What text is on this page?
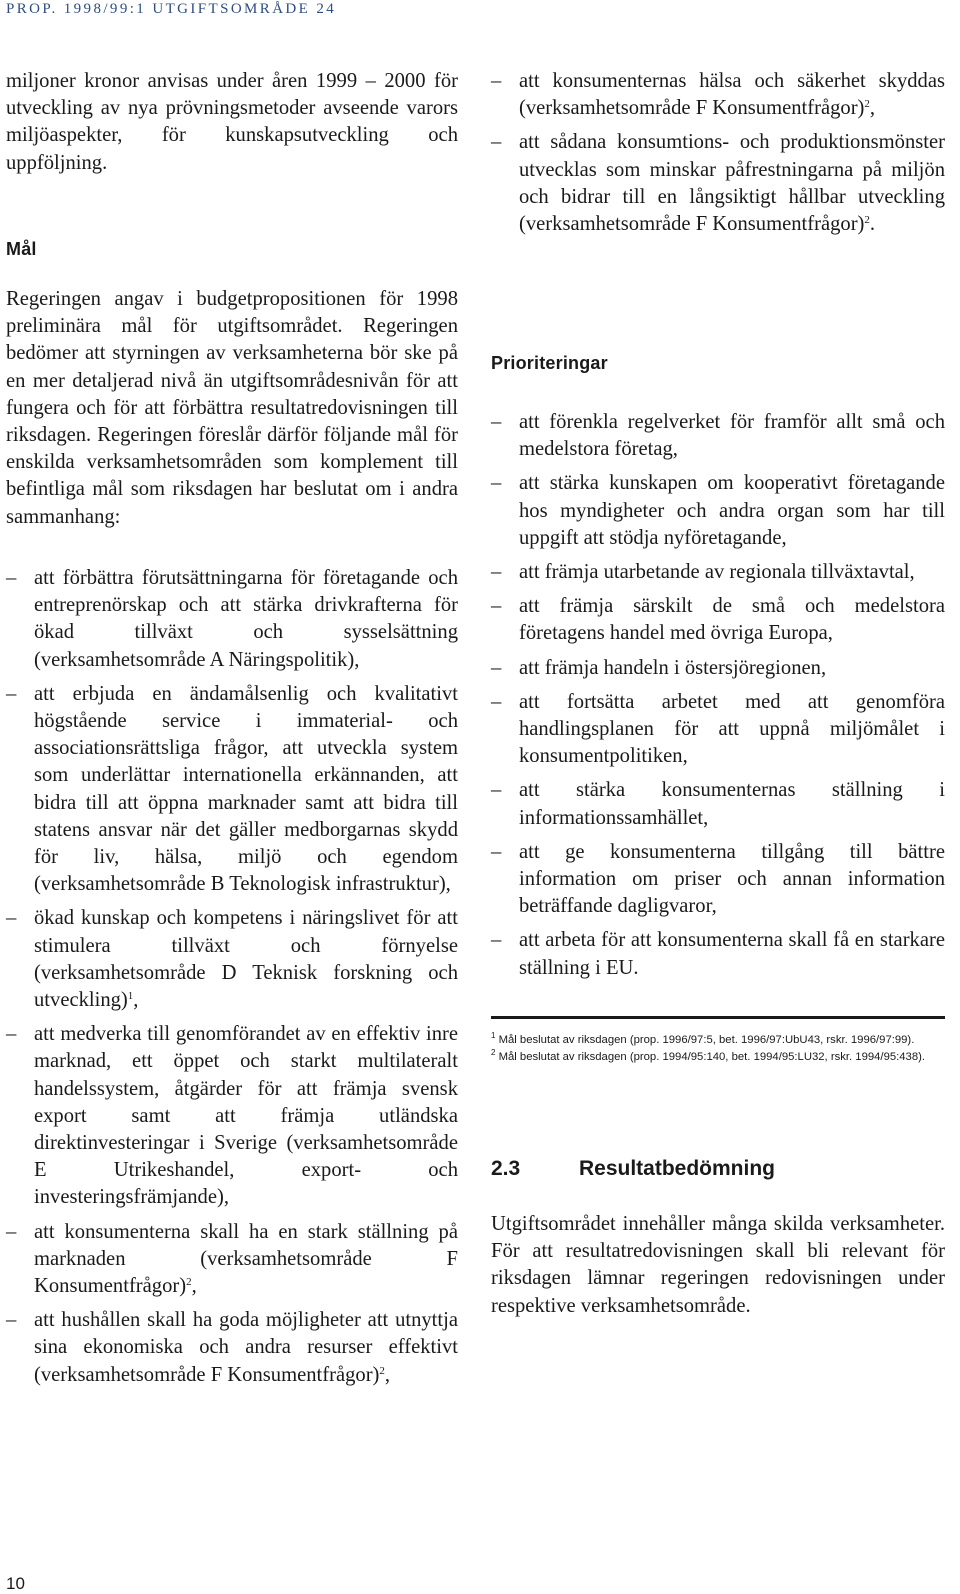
PROP. 1998/99:1 UTGIFTSOMRÅDE 24

miljoner kronor anvisas under åren 1999 – 2000 för utveckling av nya prövningsmetoder avseende varors miljöaspekter, för kunskapsutveckling och uppföljning.

Mål

Regeringen angav i budgetpropositionen för 1998 preliminära mål för utgiftsområdet. Regeringen bedömer att styrningen av verksamheterna bör ske på en mer detaljerad nivå än utgiftsområdesnivån för att fungera och för att förbättra resultatredovisningen till riksdagen. Regeringen föreslår därför följande mål för enskilda verksamhetsområden som komplement till befintliga mål som riksdagen har beslutat om i andra sammanhang:

– att förbättra förutsättningarna för företagande och entreprenörskap och att stärka drivkrafterna för ökad tillväxt och sysselsättning (verksamhetsområde A Näringspolitik),
– att erbjuda en ändamålsenlig och kvalitativt högstående service i immaterial- och associationsrättsliga frågor, att utveckla system som underlättar internationella erkännanden, att bidra till att öppna marknader samt att bidra till statens ansvar när det gäller medborgarnas skydd för liv, hälsa, miljö och egendom (verksamhetsområde B Teknologisk infrastruktur),
– ökad kunskap och kompetens i näringslivet för att stimulera tillväxt och förnyelse (verksamhetsområde D Teknisk forskning och utveckling)$^1$,
– att medverka till genomförandet av en effektiv inre marknad, ett öppet och starkt multilateralt handelssystem, åtgärder för att främja svensk export samt att främja utländska direktinvesteringar i Sverige (verksamhetsområde E Utrikeshandel, export- och investeringsfrämjande),
– att konsumenterna skall ha en stark ställning på marknaden (verksamhetsområde F Konsumentfrågor)$^2$,
– att hushållen skall ha goda möjligheter att utnyttja sina ekonomiska och andra resurser effektivt (verksamhetsområde F Konsumentfrågor)$^2$,
– att konsumenternas hälsa och säkerhet skyddas (verksamhetsområde F Konsumentfrågor)$^2$,
– att sådana konsumtions- och produktionsmönster utvecklas som minskar påfrestningarna på miljön och bidrar till en långsiktigt hållbar utveckling (verksamhetsområde F Konsumentfrågor)$^2$.
Prioriteringar
– att förenkla regelverket för framför allt små och medelstora företag,
– att stärka kunskapen om kooperativt företagande hos myndigheter och andra organ som har till uppgift att stödja nyföretagande,
– att främja utarbetande av regionala tillväxtavtal,
– att främja särskilt de små och medelstora företagens handel med övriga Europa,
– att främja handeln i östersjöregionen,
– att fortsätta arbetet med att genomföra handlingsplanen för att uppnå miljömålet i konsumentpolitiken,
– att stärka konsumenternas ställning i informationssamhället,
– att ge konsumenterna tillgång till bättre information om priser och annan information beträffande dagligvaror,
– att arbeta för att konsumenterna skall få en starkare ställning i EU.
$^1$ Mål beslutat av riksdagen (prop. 1996/97:5, bet. 1996/97:UbU43, rskr. 1996/97:99).
$^2$ Mål beslutat av riksdagen (prop. 1994/95:140, bet. 1994/95:LU32, rskr. 1994/95:438).
2.3	Resultatbedömning

Utgiftsområdet innehåller många skilda verksamheter. För att resultatredovisningen skall bli relevant för riksdagen lämnar regeringen redovisningen under respektive verksamhetsområde.

10
